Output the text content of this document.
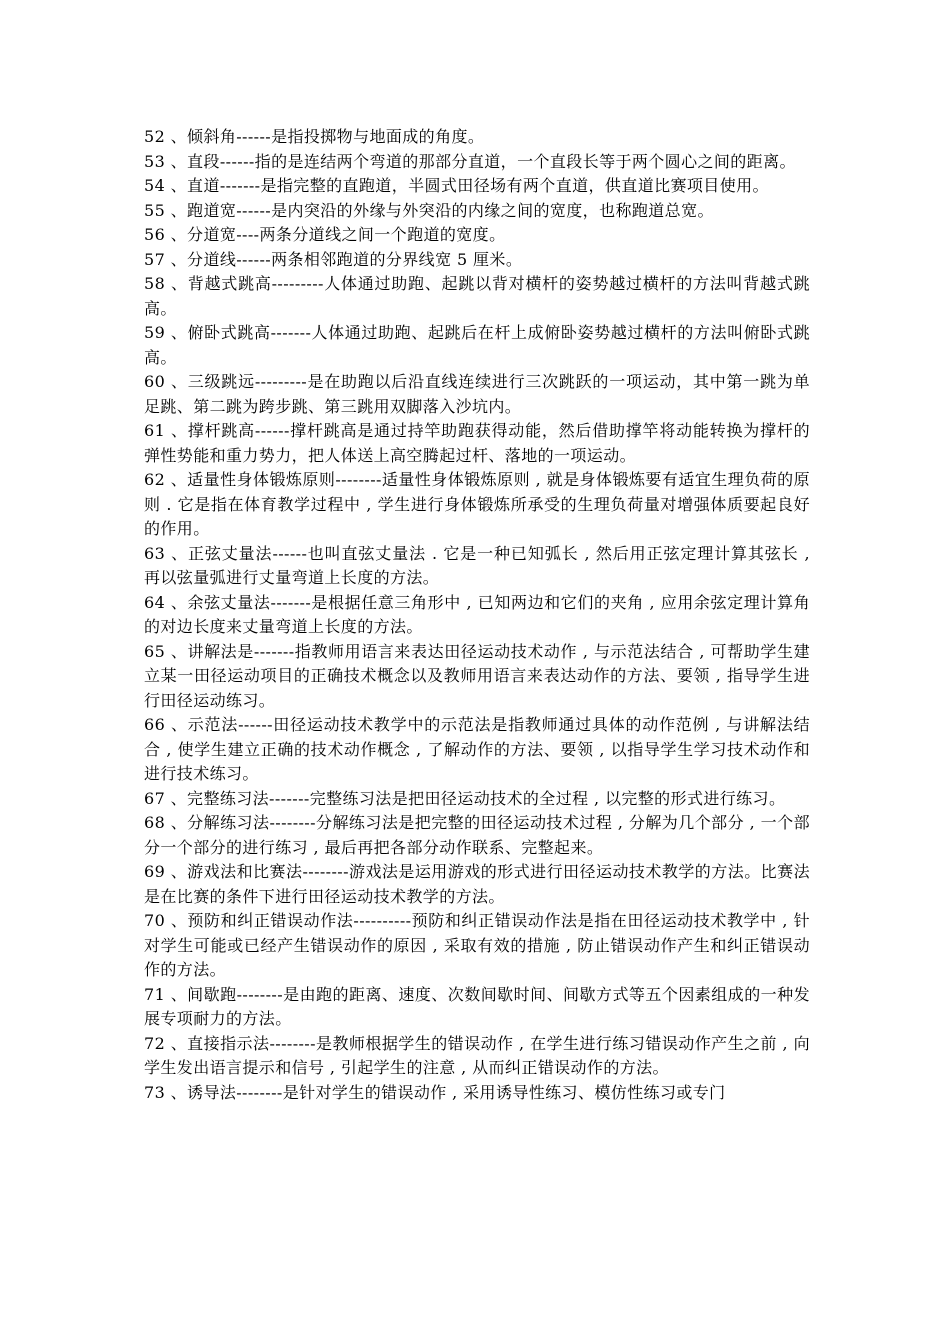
52 、倾斜角------是指投掷物与地面成的角度。

53 、直段------指的是连结两个弯道的那部分直道，一个直段长等于两个圆心之间的距离。

54 、直道-------是指完整的直跑道，半圆式田径场有两个直道，供直道比赛项目使用。

55 、跑道宽------是内突沿的外缘与外突沿的内缘之间的宽度，也称跑道总宽。

56 、分道宽----两条分道线之间一个跑道的宽度。

57 、分道线------两条相邻跑道的分界线宽 5 厘米。

58 、背越式跳高---------人体通过助跑、起跳以背对横杆的姿势越过横杆的方法叫背越式跳高。

59 、俯卧式跳高-------人体通过助跑、起跳后在杆上成俯卧姿势越过横杆的方法叫俯卧式跳高。

60 、三级跳远---------是在助跑以后沿直线连续进行三次跳跃的一项运动，其中第一跳为单足跳、第二跳为跨步跳、第三跳用双脚落入沙坑内。

61 、撑杆跳高------撑杆跳高是通过持竿助跑获得动能，然后借助撑竿将动能转换为撑杆的弹性势能和重力势力，把人体送上高空腾起过杆、落地的一项运动。

62 、适量性身体锻炼原则--------适量性身体锻炼原则 , 就是身体锻炼要有适宜生理负荷的原则 . 它是指在体育教学过程中 , 学生进行身体锻炼所承受的生理负荷量对增强体质要起良好的作用。

63 、正弦丈量法------也叫直弦丈量法 . 它是一种已知弧长 , 然后用正弦定理计算其弦长 , 再以弦量弧进行丈量弯道上长度的方法。

64 、余弦丈量法-------是根据任意三角形中 , 已知两边和它们的夹角 , 应用余弦定理计算角的对边长度来丈量弯道上长度的方法。

65 、讲解法是-------指教师用语言来表达田径运动技术动作 , 与示范法结合 , 可帮助学生建立某一田径运动项目的正确技术概念以及教师用语言来表达动作的方法、要领 , 指导学生进行田径运动练习。

66 、示范法------田径运动技术教学中的示范法是指教师通过具体的动作范例 , 与讲解法结合 , 使学生建立正确的技术动作概念 , 了解动作的方法、要领 , 以指导学生学习技术动作和进行技术练习。

67 、完整练习法-------完整练习法是把田径运动技术的全过程 , 以完整的形式进行练习。

68 、分解练习法--------分解练习法是把完整的田径运动技术过程 , 分解为几个部分 , 一个部分一个部分的进行练习 , 最后再把各部分动作联系、完整起来。

69 、游戏法和比赛法--------游戏法是运用游戏的形式进行田径运动技术教学的方法。比赛法是在比赛的条件下进行田径运动技术教学的方法。

70 、预防和纠正错误动作法----------预防和纠正错误动作法是指在田径运动技术教学中 , 针对学生可能或已经产生错误动作的原因 , 采取有效的措施 , 防止错误动作产生和纠正错误动作的方法。

71 、间歇跑--------是由跑的距离、速度、次数间歇时间、间歇方式等五个因素组成的一种发展专项耐力的方法。

72 、直接指示法--------是教师根据学生的错误动作 , 在学生进行练习错误动作产生之前 , 向学生发出语言提示和信号 , 引起学生的注意 , 从而纠正错误动作的方法。

73 、诱导法--------是针对学生的错误动作 , 采用诱导性练习、模仿性练习或专门
